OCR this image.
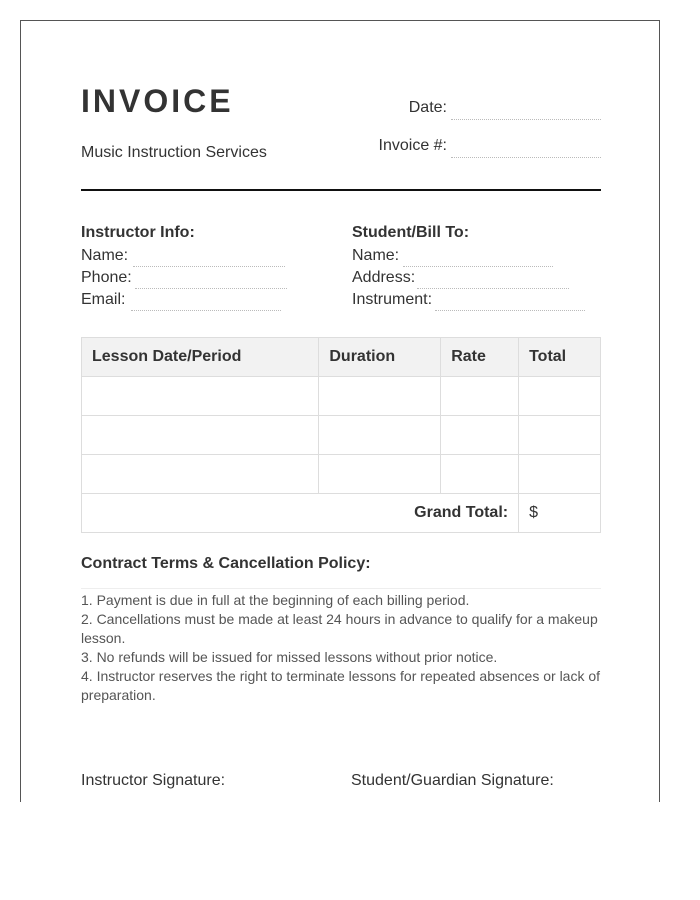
INVOICE
Music Instruction Services
Date:
Invoice #:
Instructor Info:
Name:
Phone:
Email:
Student/Bill To:
Name:
Address:
Instrument:
Lesson Date/Period	Duration	Rate	Total

Grand Total:			$
Contract Terms & Cancellation Policy:
1. Payment is due in full at the beginning of each billing period.
2. Cancellations must be made at least 24 hours in advance to qualify for a makeup lesson.
3. No refunds will be issued for missed lessons without prior notice.
4. Instructor reserves the right to terminate lessons for repeated absences or lack of preparation.
Instructor Signature:	Student/Guardian Signature:
